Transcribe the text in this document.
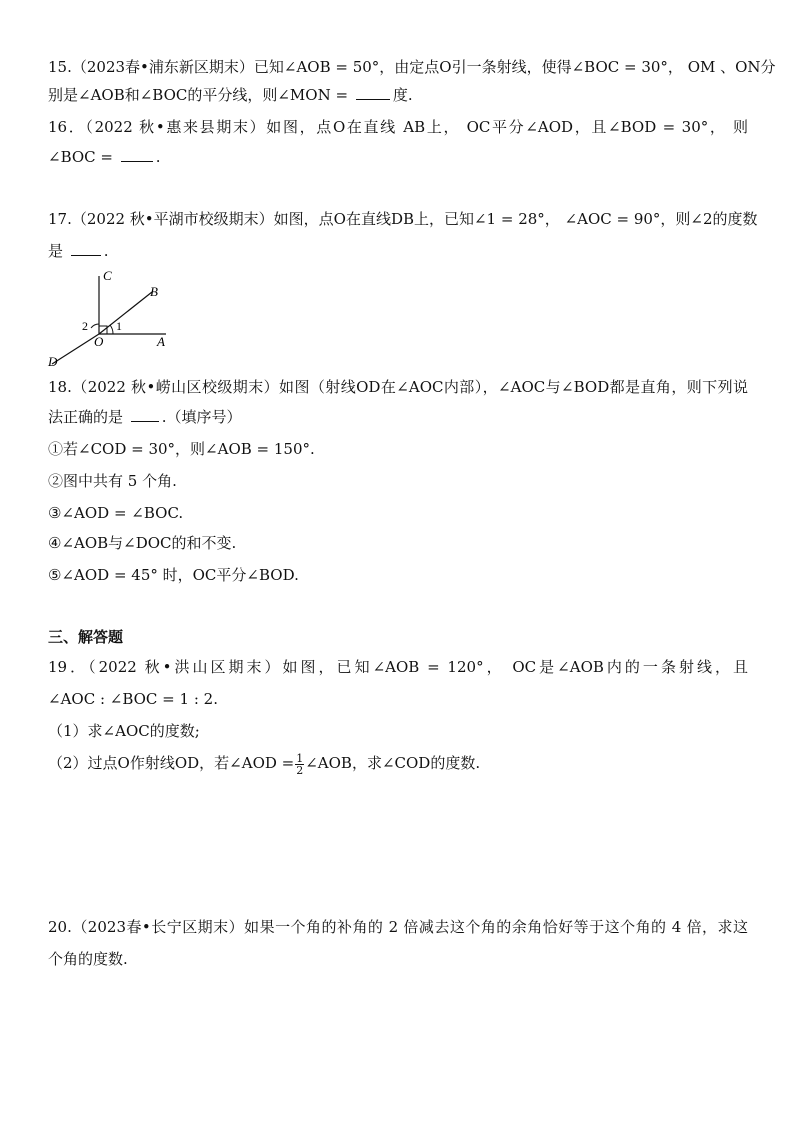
15.（2023春•浦东新区期末）已知∠AOB = 50°，由定点O引一条射线，使得∠BOC = 30°， OM 、ON分
别是∠AOB和∠BOC的平分线，则∠MON =	度.
16．（2022 秋•惠来县期末）如图，点O在直线 AB上， OC平分∠AOD，且∠BOD = 30°， 则
∠BOC =	.
17.（2022 秋•平湖市校级期末）如图，点O在直线DB上，已知∠1 = 28°， ∠AOC = 90°，则∠2的度数
是 .
C
B
A
O
D
1
2
18.（2022 秋•崂山区校级期末）如图（射线OD在∠AOC内部），∠AOC与∠BOD都是直角，则下列说
法正确的是 .（填序号）
①若∠COD = 30°，则∠AOB = 150°.
②图中共有 5 个角.
③∠AOD = ∠BOC.
④∠AOB与∠DOC的和不变.
⑤∠AOD = 45° 时，OC平分∠BOD.
三、解答题
19．（2022 秋•洪山区期末）如图，已知∠AOB = 120°， OC是∠AOB内的一条射线，且
∠AOC : ∠BOC = 1 : 2.
（1）求∠AOC的度数;
（2）过点O作射线OD，若∠AOD = $\frac{1}{2}$ ∠AOB，求∠COD的度数.
20.（2023春•长宁区期末）如果一个角的补角的 2 倍减去这个角的余角恰好等于这个角的 4 倍，求这
个角的度数.
